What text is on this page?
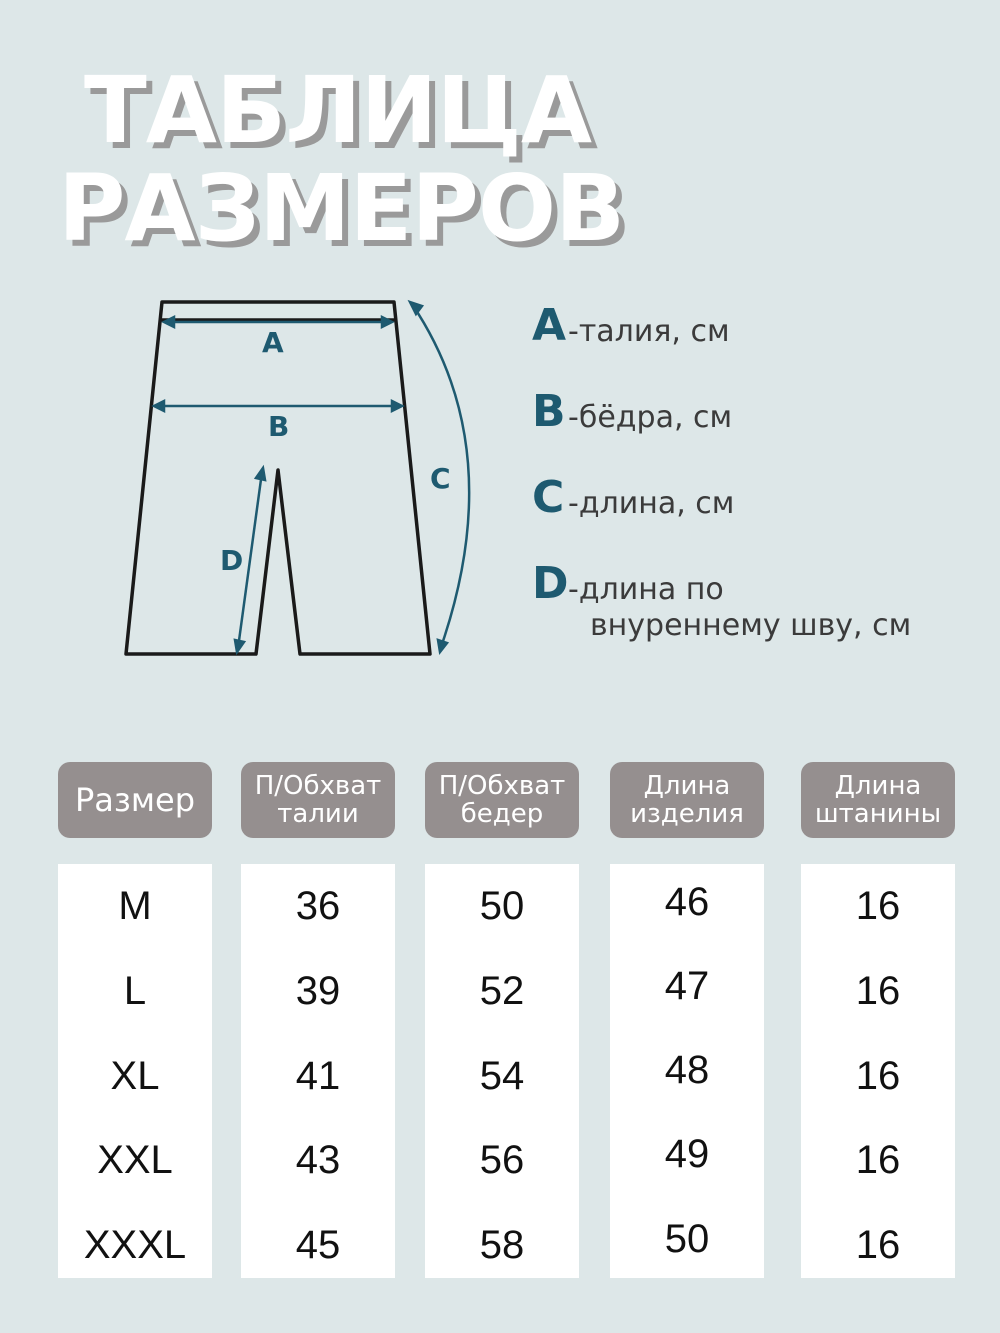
ТАБЛИЦА
РАЗМЕРОВ
A
B
C
D
A -талия, см
B -бёдра, см
C -длина, см
D -длина по
внуреннему шву, см
Размер
M
L
XL
XXL
XXXL
П/Обхват
талии
36
39
41
43
45
П/Обхват
бедер
50
52
54
56
58
Длина
изделия
46
47
48
49
50
Длина
штанины
16
16
16
16
16
